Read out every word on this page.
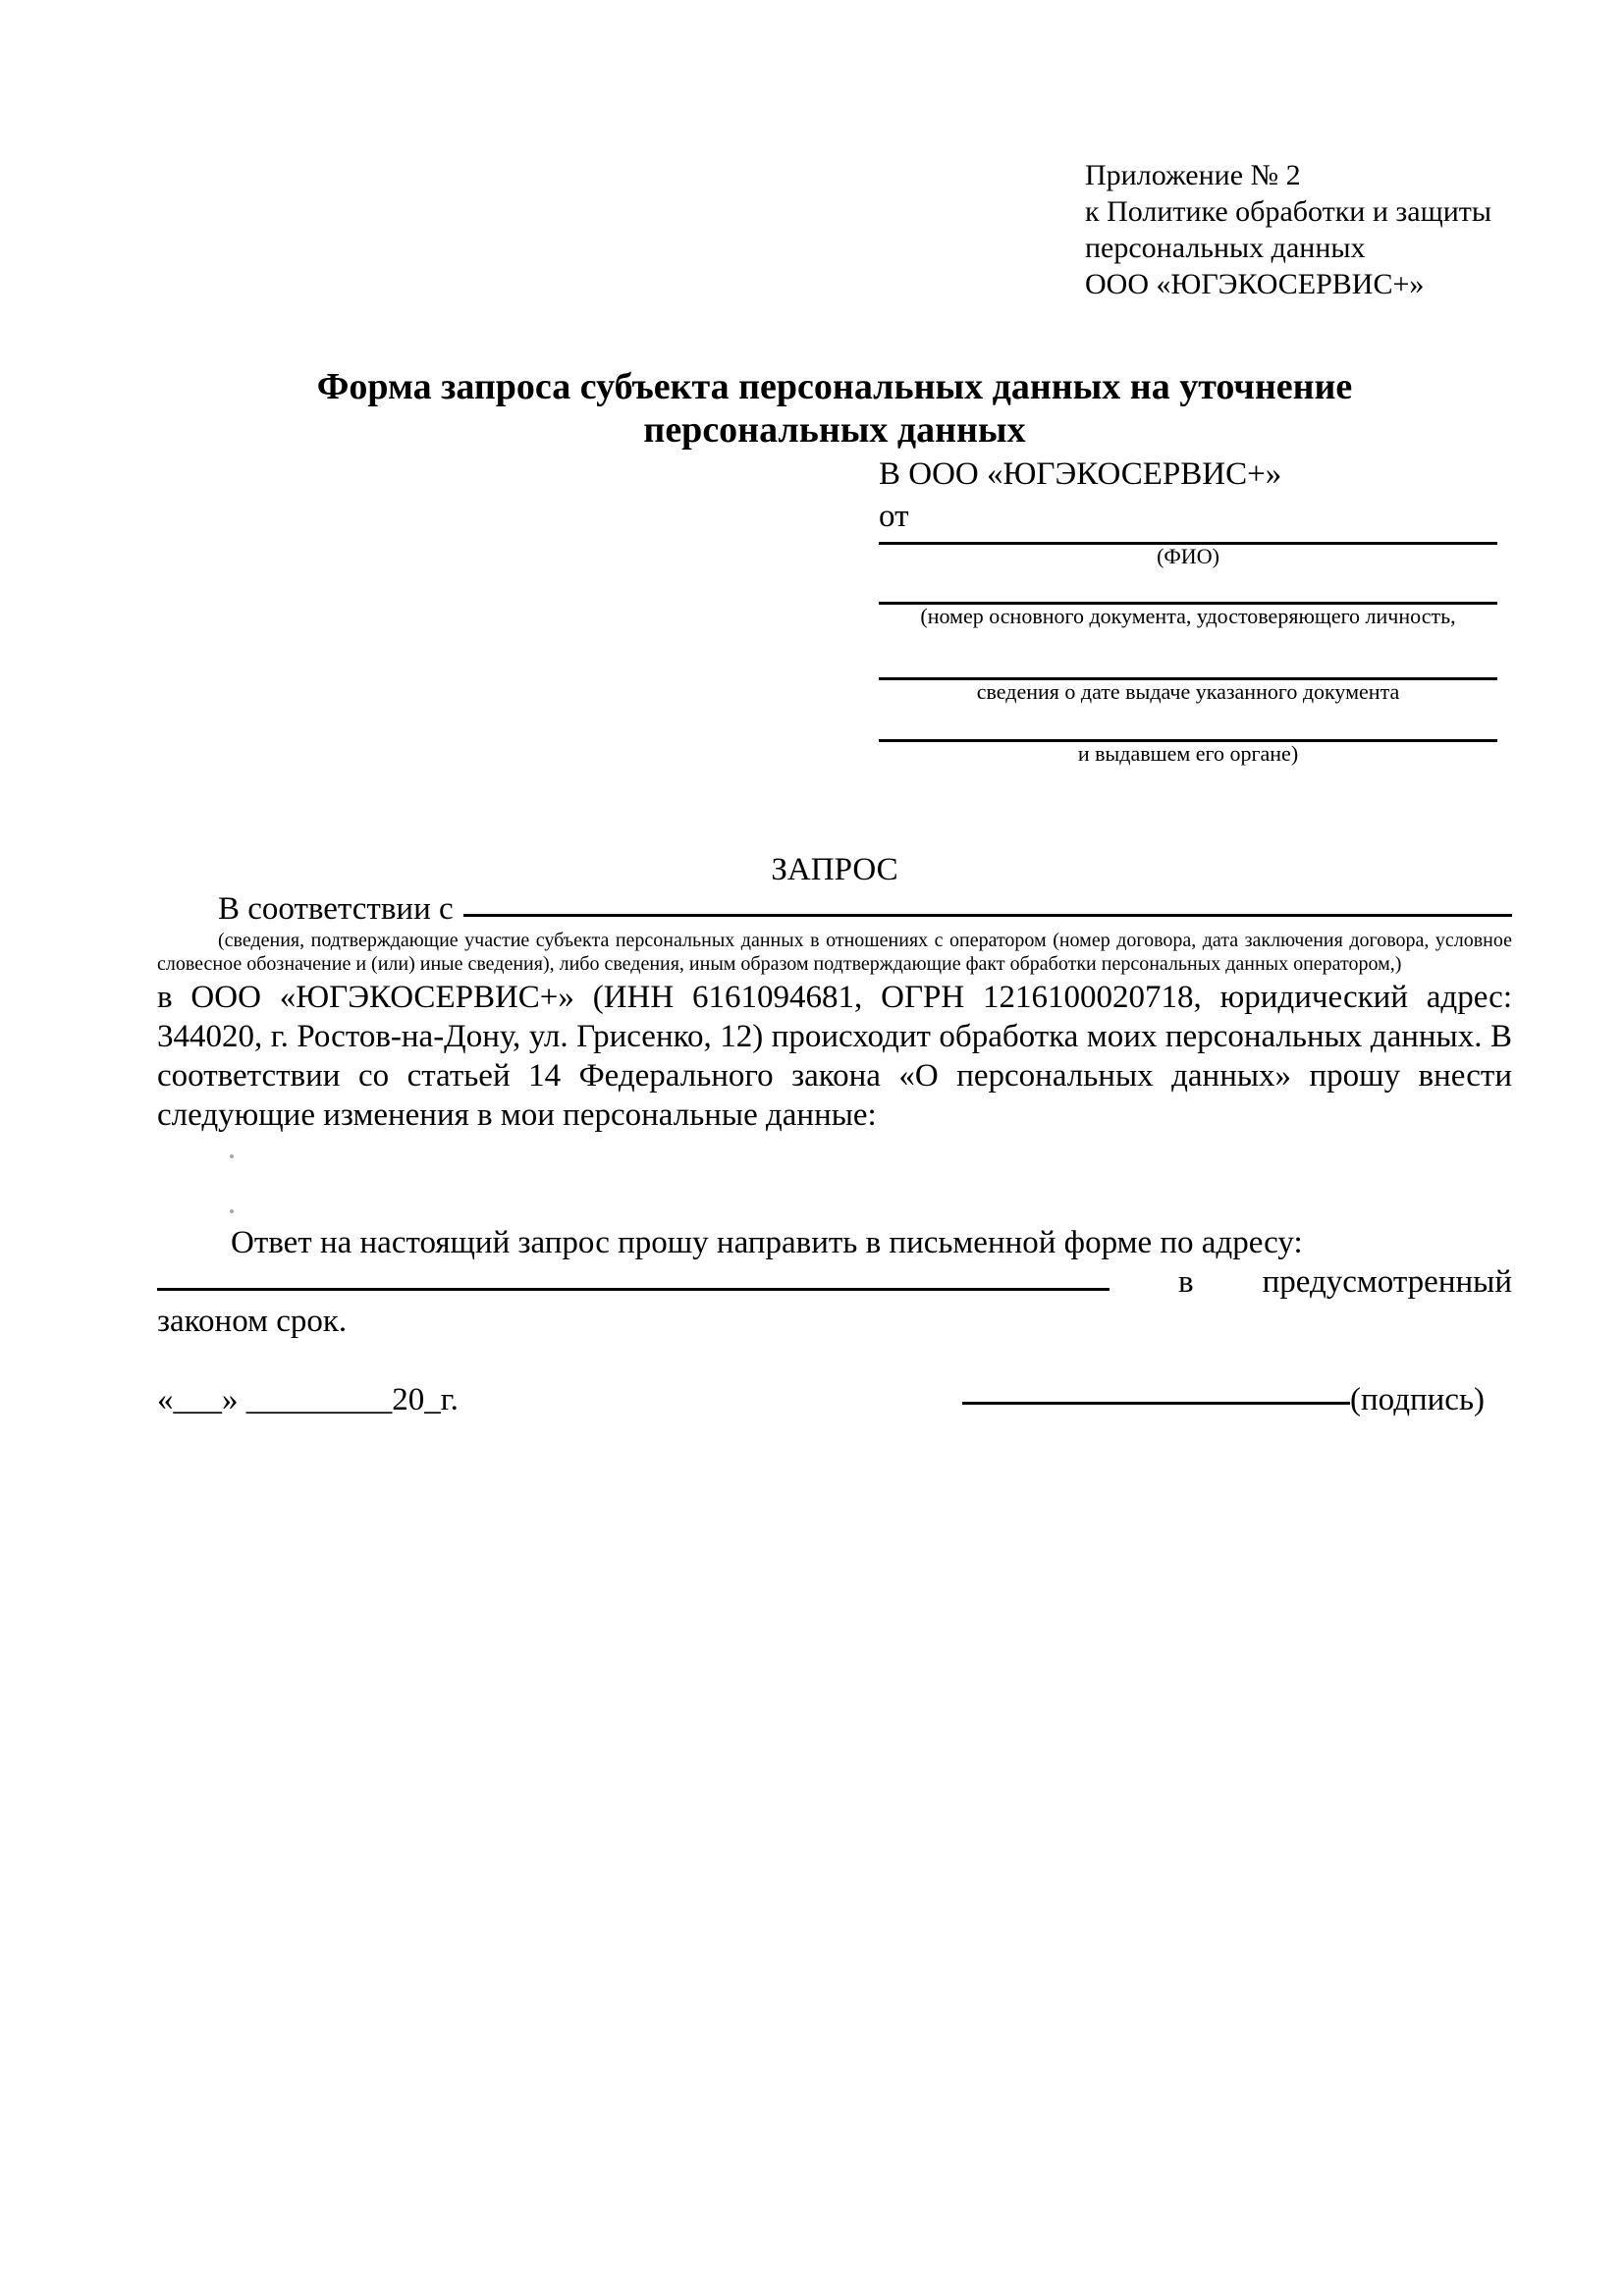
Приложение № 2
к Политике обработки и защиты
персональных данных
ООО «ЮГЭКОСЕРВИС+»
Форма запроса субъекта персональных данных на уточнение персональных данных
В ООО «ЮГЭКОСЕРВИС+»
от
(ФИО)
(номер основного документа, удостоверяющего личность,
сведения о дате выдаче указанного документа
и выдавшем его органе)
ЗАПРОС
В соответствии с
(сведения, подтверждающие участие субъекта персональных данных в отношениях с оператором (номер договора, дата заключения договора, условное словесное обозначение и (или) иные сведения), либо сведения, иным образом подтверждающие факт обработки персональных данных оператором,)
в ООО «ЮГЭКОСЕРВИС+» (ИНН 6161094681, ОГРН 1216100020718, юридический адрес: 344020, г. Ростов-на-Дону, ул. Грисенко, 12) происходит обработка моих персональных данных. В соответствии со статьей 14 Федерального закона «О персональных данных» прошу внести следующие изменения в мои персональные данные:
Ответ на настоящий запрос прошу направить в письменной форме по адресу:
в предусмотренный
законом срок.
«___» _________20_г.	(подпись)
